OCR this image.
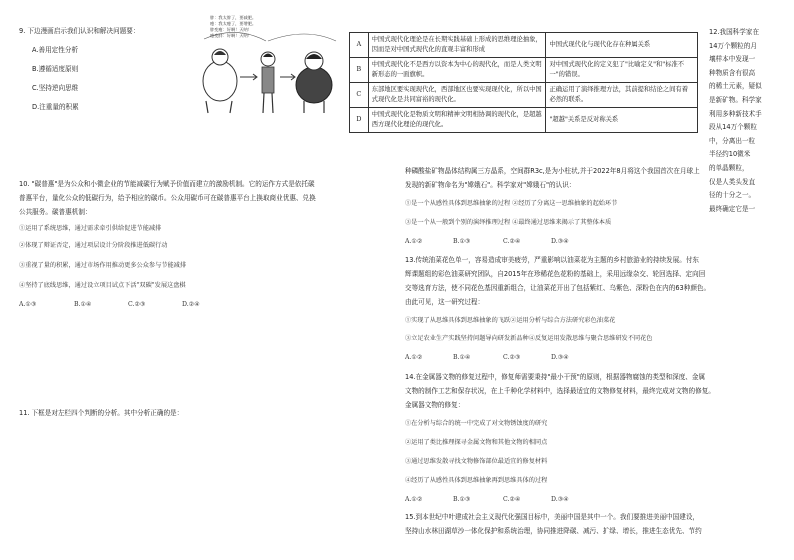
9. 下边漫画启示我们认识和解决问题要：
A.善用定性分析
B.遵循适度原则
C.坚持逆向思维
D.注重量的积累
胖：我太胖了，要减肥。
瘦：我太瘦了，要增肥。
胖变瘦：好啊！天呐！
瘦变胖：好啊！天呐！
10. "碳普惠"是为公众和小微企业的节能减碳行为赋予价值而建立的激励机制。它的运作方式是依托碳
普惠平台，量化公众的低碳行为，给予相应的碳币。公众用碳币可在碳普惠平台上换取商业优惠、兑换
公共服务。碳普惠机制：
①运用了系统思维，通过需求牵引供给促进节能减排
②体现了辩证否定，通过项层设计分阶段推进低碳行动
③重视了量的积累，通过市场作用推动更多公众参与节能减排
④坚持了底线思维，通过设立项目试点下活"双碳"发展这盘棋
A.①③	B.①④	C.②③	D.②④
11. 下框是对左栏四个判断的分析。其中分析正确的是：
A	中国式现代化理论是在长期实践基础上形成的思维理论抽象，因而是对中国式现代化的直观丰富和形成	中国式现代化与现代化存在种属关系
B	中国式现代化不是西方以资本为中心的现代化，而是人类文明新形态的一面旗帜。	对中国式现代化的定义犯了"比喻定义"和"标准不一"的错误。
C	东部地区要实现现代化，西部地区也要实现现代化，所以中国式现代化是共同富裕的现代化。	正确运用了演绎推理方法，其前提和结论之间有着必然的联系。
D	中国式现代化是物质文明和精神文明相协调的现代化，是超越西方现代化理论的现代化。	"超越"关系是反对称关系
12.我国科学家在
14万个颗粒的月
壤样本中发现一
种物质含有很高
的稀土元素，疑似
是新矿物。科学家
利用多种新技术手
段从14万个颗粒
中，分离出一粒
半径约10微米
的单晶颗粒，
仅是人类头发直
径的十分之一。
最终确定它是一
种磷酸盐矿物晶体结构属三方晶系，空间群R3c,是为小柱状,并于2022年8月将这个我国首次在月球上
发现的新矿物命名为"嫦娥石"。科学家对"嫦娥石"的认识：
①是一个从感性具体到思维抽象的过程 ②经历了分离这一思维抽象的起始环节
③是一个从一般到个别的演绎推理过程 ④最终通过思维来揭示了其整体本质
A.①②	B.①③	C.②④	D.③④
13.传统油菜花色单一，容易造成审美疲劳，严重影响以油菜花为主题的乡村旅游业的持续发展。付东
辉课题组的彩色油菜研究团队，自2015年在珍稀花色花粉的基础上，采用远缘杂交、轮回选择、定向回
交等选育方法，使不同花色基因重新组合，让油菜花开出了包括紫红、乌紫色、深粉色在内的63种颜色。
由此可见，这一研究过程：
①实现了从思维具体到思维抽象的飞跃②运用分析与综合方法研究彩色油菜花
③立足农业生产实践坚持问题导向研发新品种④反复运用发散思维与聚合思维研发不同花色
A.①②	B.①④	C.②③	D.③④
14.在金属器文物的修复过程中，修复师需要秉持"最小干预"的原则，根据器物腐蚀的类型和深度、金属
文物的制作工艺和保存状况，在上千种化学材料中，选择最适宜的文物修复材料，最终完成对文物的修复。
金属器文物的修复：
①在分析与综合的统一中完成了对文物锈蚀度的研究
②运用了类比推理探寻金属文物和其他文物的相同点
③通过思维发散寻找文物修饰部位最适宜的修复材料
④经历了从感性具体到思维抽象再到思维具体的过程
A.①②	B.①③	C.②④	D.③④
15.到本世纪中叶建成社会主义现代化强国目标中，美丽中国是其中一个。我们要推进美丽中国建设，
坚持山水林田湖草沙一体化保护和系统治理，协同推进降碳、减污、扩绿、增长，推进生态优先、节约
